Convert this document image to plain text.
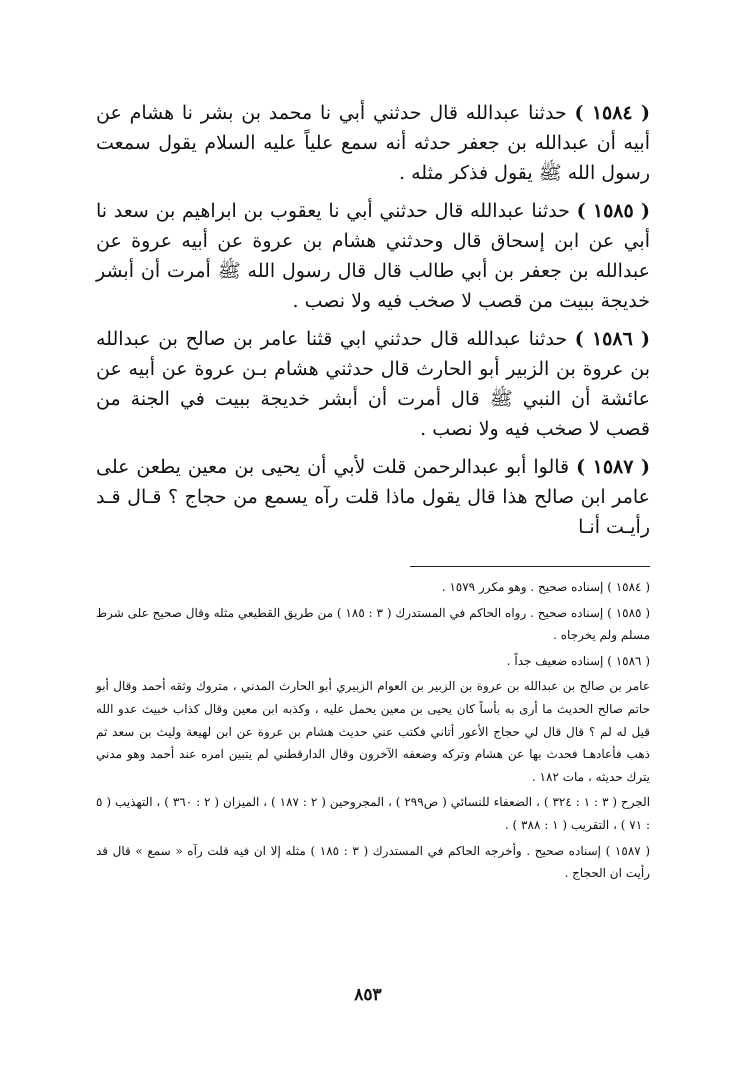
( ١٥٨٤ ) حدثنا عبدالله قال حدثني أبي نا محمد بن بشر نا هشام عن أبيه أن عبدالله بن جعفر حدثه أنه سمع علياً عليه السلام يقول سمعت رسول الله ﷺ يقول فذكر مثله .

( ١٥٨٥ ) حدثنا عبدالله قال حدثني أبي نا يعقوب بن ابراهيم بن سعد نا أبي عن ابن إسحاق قال وحدثني هشام بن عروة عن أبيه عروة عن عبدالله بن جعفر بن أبي طالب قال قال رسول الله ﷺ أمرت أن أبشر خديجة ببيت من قصب لا صخب فيه ولا نصب .

( ١٥٨٦ ) حدثنا عبدالله قال حدثني ابي قثنا عامر بن صالح بن عبدالله بن عروة بن الزبير أبو الحارث قال حدثني هشام بـن عروة عن أبيه عن عائشة أن النبي ﷺ قال أمرت أن أبشر خديجة ببيت في الجنة من قصب لا صخب فيه ولا نصب .

( ١٥٨٧ ) قالوا أبو عبدالرحمن قلت لأبي أن يحيى بن معين يطعن على عامر ابن صالح هذا قال يقول ماذا قلت رآه يسمع من حجاج ؟ قـال قـد رأيـت أنـا

( ١٥٨٤ ) إسناده صحيح . وهو مكرر ١٥٧٩ .

( ١٥٨٥ ) إسناده صحيح . رواه الحاكم في المستدرك ( ٣ : ١٨٥ ) من طريق القطيعي مثله وقال صحيح على شرط مسلم ولم يخرجاه .

( ١٥٨٦ ) إسناده ضعيف جداً .

عامر بن صالح بن عبدالله بن عروة بن الزبير بن العوام الزبيري أبو الحارث المدني ، متروك وثقه أحمد وقال أبو حاتم صالح الحديث ما أرى به بأساً كان يحيى بن معين يحمل عليه ، وكذبه ابن معين وقال كذاب خبيث عدو الله قيل له لم ؟ قال قال لي حجاج الأعور أتاني فكتب عني حديث هشام بن عروة عن ابن لهيعة وليث بن سعد ثم ذهب فأعادهـا فحدث بها عن هشام وتركه وضعفه الآخرون وقال الدارقطني لم يتبين امره عند أحمد وهو مدني يترك حديثه ، مات ١٨٢ .

الجرح ( ٣ : ١ : ٣٢٤ ) ، الضعفاء للنسائي ( ص٢٩٩ ) ، المجروحين ( ٢ : ١٨٧ ) ، الميزان ( ٢ : ٣٦٠ ) ، التهذيب ( ٥ : ٧١ ) ، التقريب ( ١ : ٣٨٨ ) .

( ١٥٨٧ ) إسناده صحيح . وأخرجه الحاكم في المستدرك ( ٣ : ١٨٥ ) مثله إلا ان فيه قلت رآه « سمع » قال قد رأيت ان الحجاج .

٨٥٣
